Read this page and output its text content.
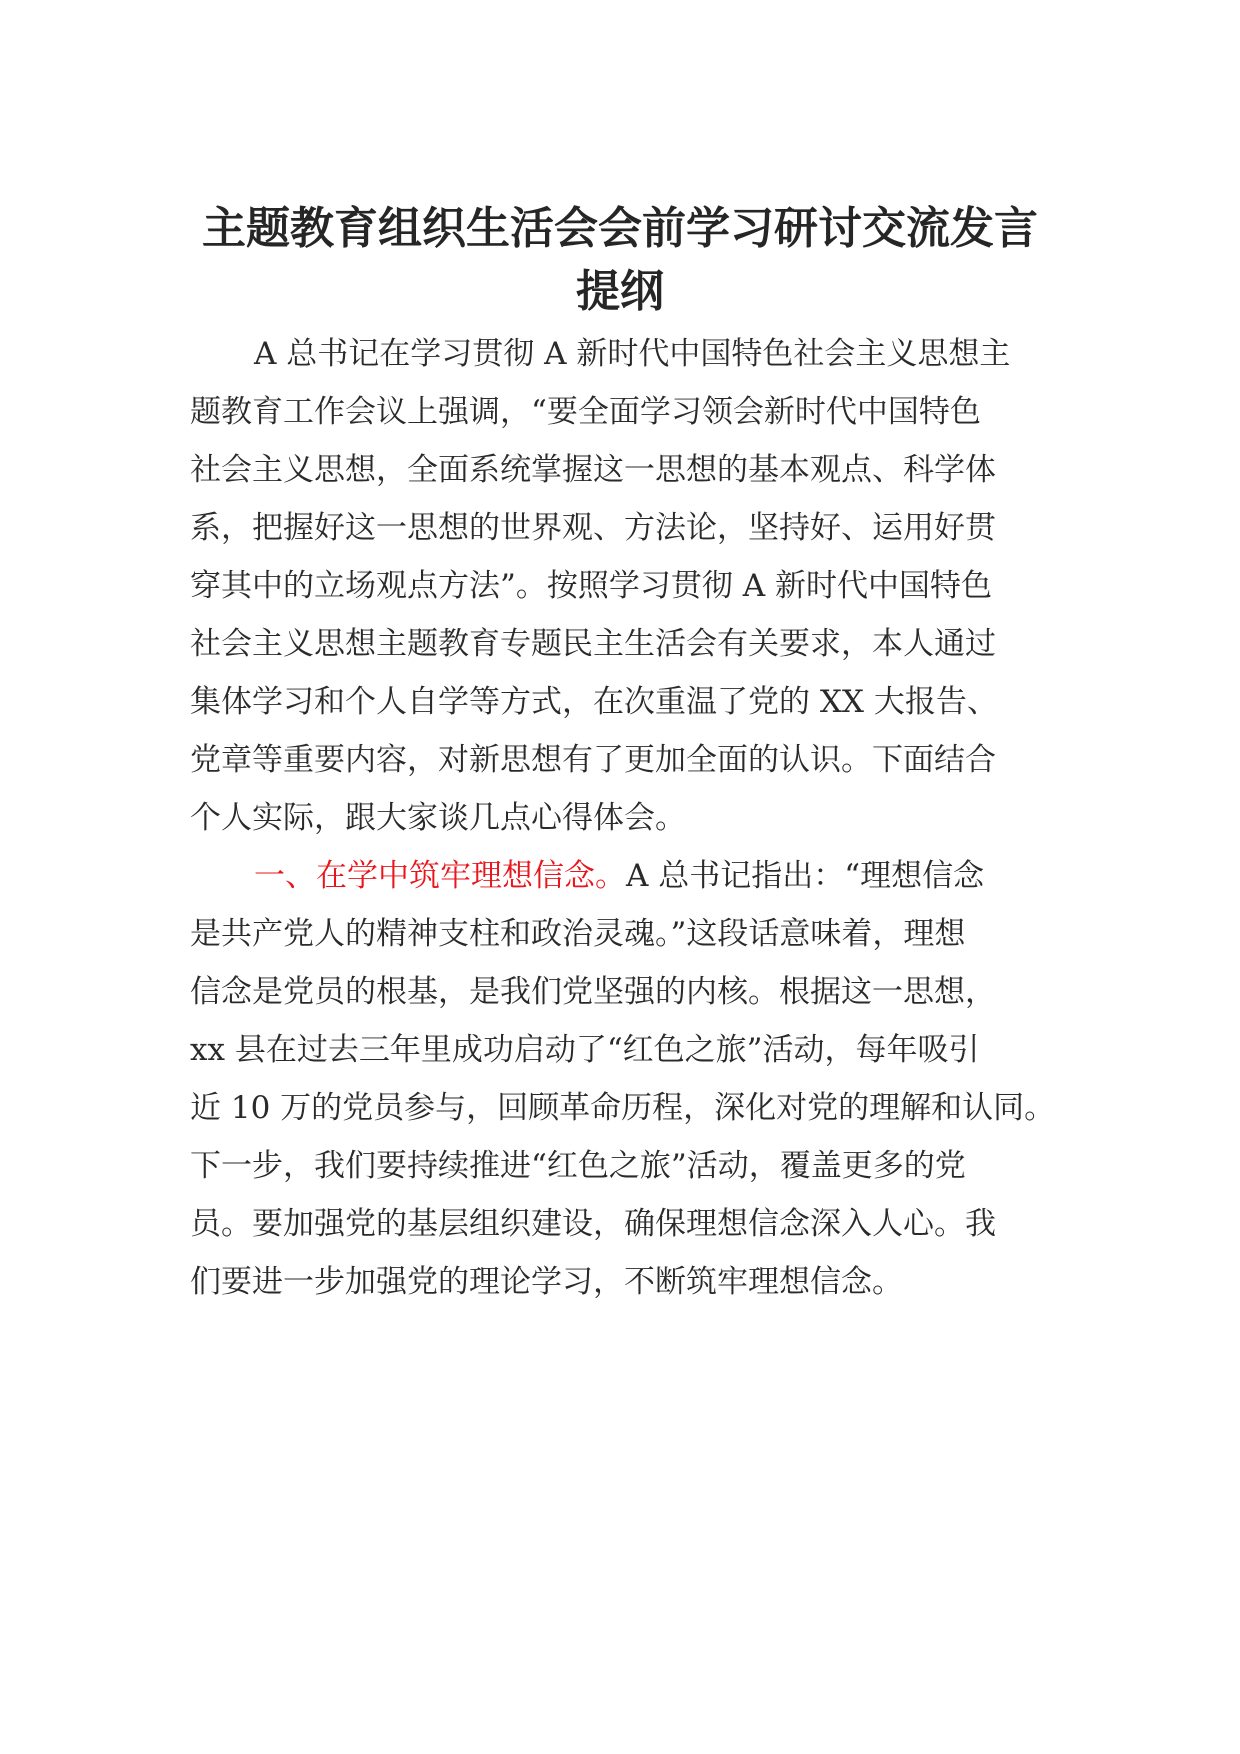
主题教育组织生活会会前学习研讨交流发言
提纲

A 总书记在学习贯彻 A 新时代中国特色社会主义思想主

题教育工作会议上强调，“要全面学习领会新时代中国特色

社会主义思想，全面系统掌握这一思想的基本观点、科学体

系，把握好这一思想的世界观、方法论，坚持好、运用好贯

穿其中的立场观点方法”。按照学习贯彻 A 新时代中国特色

社会主义思想主题教育专题民主生活会有关要求，本人通过

集体学习和个人自学等方式，在次重温了党的 XX 大报告、

党章等重要内容，对新思想有了更加全面的认识。下面结合

个人实际，跟大家谈几点心得体会。

一、在学中筑牢理想信念。A 总书记指出：“理想信念

是共产党人的精神支柱和政治灵魂。”这段话意味着，理想

信念是党员的根基，是我们党坚强的内核。根据这一思想，

xx 县在过去三年里成功启动了“红色之旅”活动，每年吸引

近 10 万的党员参与，回顾革命历程，深化对党的理解和认同。

下一步，我们要持续推进“红色之旅”活动，覆盖更多的党

员。要加强党的基层组织建设，确保理想信念深入人心。我

们要进一步加强党的理论学习，不断筑牢理想信念。
